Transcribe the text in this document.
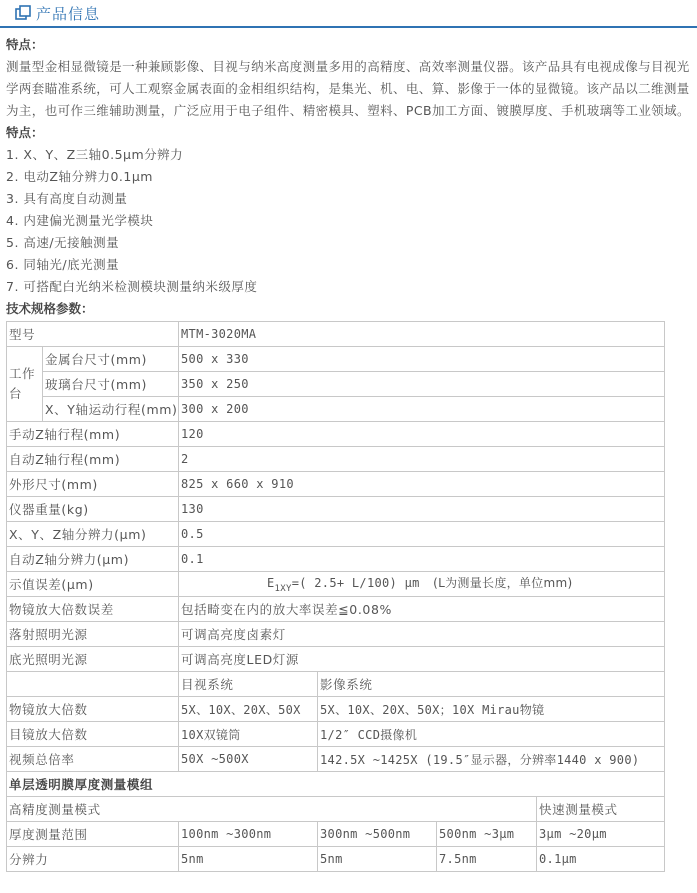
产品信息
特点：

测量型金相显微镜是一种兼顾影像、目视与纳米高度测量多用的高精度、高效率测量仪器。该产品具有电视成像与目视光学两套瞄准系统，可人工观察金属表面的金相组织结构，是集光、机、电、算、影像于一体的显微镜。该产品以二维测量为主，也可作三维辅助测量，广泛应用于电子组件、精密模具、塑料、PCB加工方面、镀膜厚度、手机玻璃等工业领域。

特点：
1. X、Y、Z三轴0.5μm分辨力
2. 电动Z轴分辨力0.1μm
3. 具有高度自动测量
4. 内建偏光测量光学模块
5. 高速/无接触测量
6. 同轴光/底光测量
7. 可搭配白光纳米检测模块测量纳米级厚度
技术规格参数：
型号		MTM-3020MA			
工作台	金属台尺寸(mm)	500 x 330			
	玻璃台尺寸(mm)	350 x 250			
	X、Y轴运动行程(mm)	300 x 200			
手动Z轴行程(mm)		120			
自动Z轴行程(mm)		2			
外形尺寸(mm)		825 x 660 x 910			
仪器重量(kg)		130			
X、Y、Z轴分辨力(μm)		0.5			
自动Z轴分辨力(μm)		0.1			
示值误差(μm)		$E_{1XY}=$( 2.5+ L/100) μm (L为测量长度，单位mm)			
物镜放大倍数误差		包括畸变在内的放大率误差≦0.08%			
落射照明光源		可调高亮度卤素灯			
底光照明光源		可调高亮度LED灯源			
		目视系统	影像系统		
物镜放大倍数		5X、10X、20X、50X	5X、10X、20X、50X；10X Mirau物镜		
目镜放大倍数		10X双镜筒	1/2″ CCD摄像机		
视频总倍率		50X ~500X	142.5X ~1425X (19.5″显示器，分辨率1440 x 900)		
单层透明膜厚度测量模组					
高精度测量模式					快速测量模式
厚度测量范围		100nm ~300nm	300nm ~500nm	500nm ~3μm	3μm ~20μm
分辨力		5nm	5nm	7.5nm	0.1μm
